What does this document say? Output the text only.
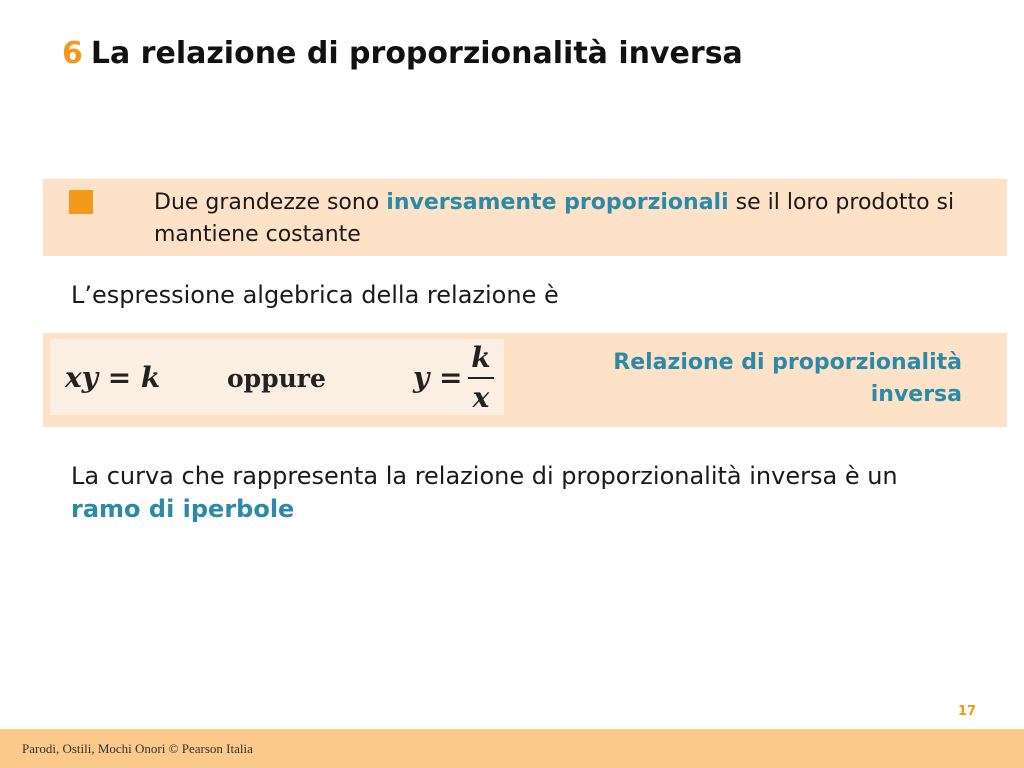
6 La relazione di proporzionalità inversa
Due grandezze sono inversamente proporzionali se il loro prodotto si mantiene costante
L’espressione algebrica della relazione è
xy = k	oppure	y =
k
x
Relazione di proporzionalità inversa
La curva che rappresenta la relazione di proporzionalità inversa è un ramo di iperbole
17
Parodi, Ostili, Mochi Onori © Pearson Italia
